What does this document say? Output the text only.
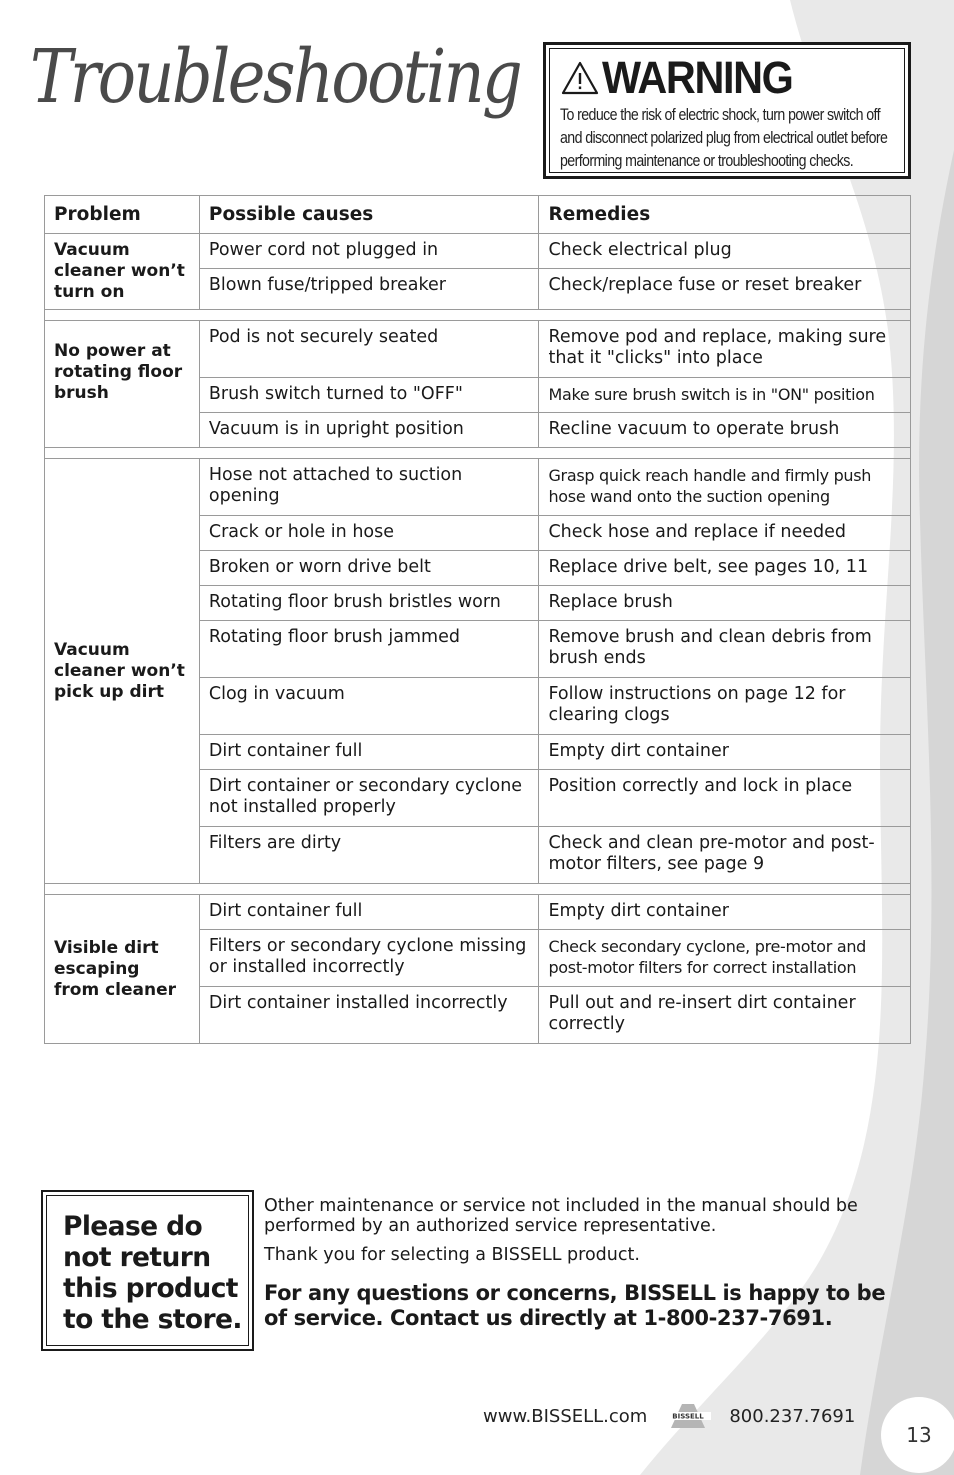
Troubleshooting WARNING
To reduce the risk of electric shock, turn power switch off and disconnect polarized plug from electrical outlet before performing maintenance or troubleshooting checks.
Problem	Possible causes	Remedies
Vacuum cleaner won’t turn on	Power cord not plugged in	Check electrical plug
	Blown fuse/tripped breaker	Check/replace fuse or reset breaker

No power at rotating floor brush	Pod is not securely seated	Remove pod and replace, making sure that it "clicks" into place
	Brush switch turned to "OFF"	Make sure brush switch is in "ON" position
	Vacuum is in upright position	Recline vacuum to operate brush

Vacuum cleaner won’t pick up dirt	Hose not attached to suction opening	Grasp quick reach handle and firmly push hose wand onto the suction opening
	Crack or hole in hose	Check hose and replace if needed
	Broken or worn drive belt	Replace drive belt, see pages 10, 11
	Rotating floor brush bristles worn	Replace brush
	Rotating floor brush jammed	Remove brush and clean debris from brush ends
	Clog in vacuum	Follow instructions on page 12 for clearing clogs
	Dirt container full	Empty dirt container
	Dirt container or secondary cyclone not installed properly	Position correctly and lock in place
	Filters are dirty	Check and clean pre-motor and post-motor filters, see page 9

Visible dirt escaping from cleaner	Dirt container full	Empty dirt container
	Filters or secondary cyclone missing or installed incorrectly	Check secondary cyclone, pre-motor and post-motor filters for correct installation
	Dirt container installed incorrectly	Pull out and re-insert dirt container correctly
Please do not return this product to the store.

Other maintenance or service not included in the manual should be performed by an authorized service representative.

Thank you for selecting a BISSELL product.

For any questions or concerns, BISSELL is happy to be of service. Contact us directly at 1-800-237-7691.

www.BISSELL.com	BISSELL 800.237.7691
13
